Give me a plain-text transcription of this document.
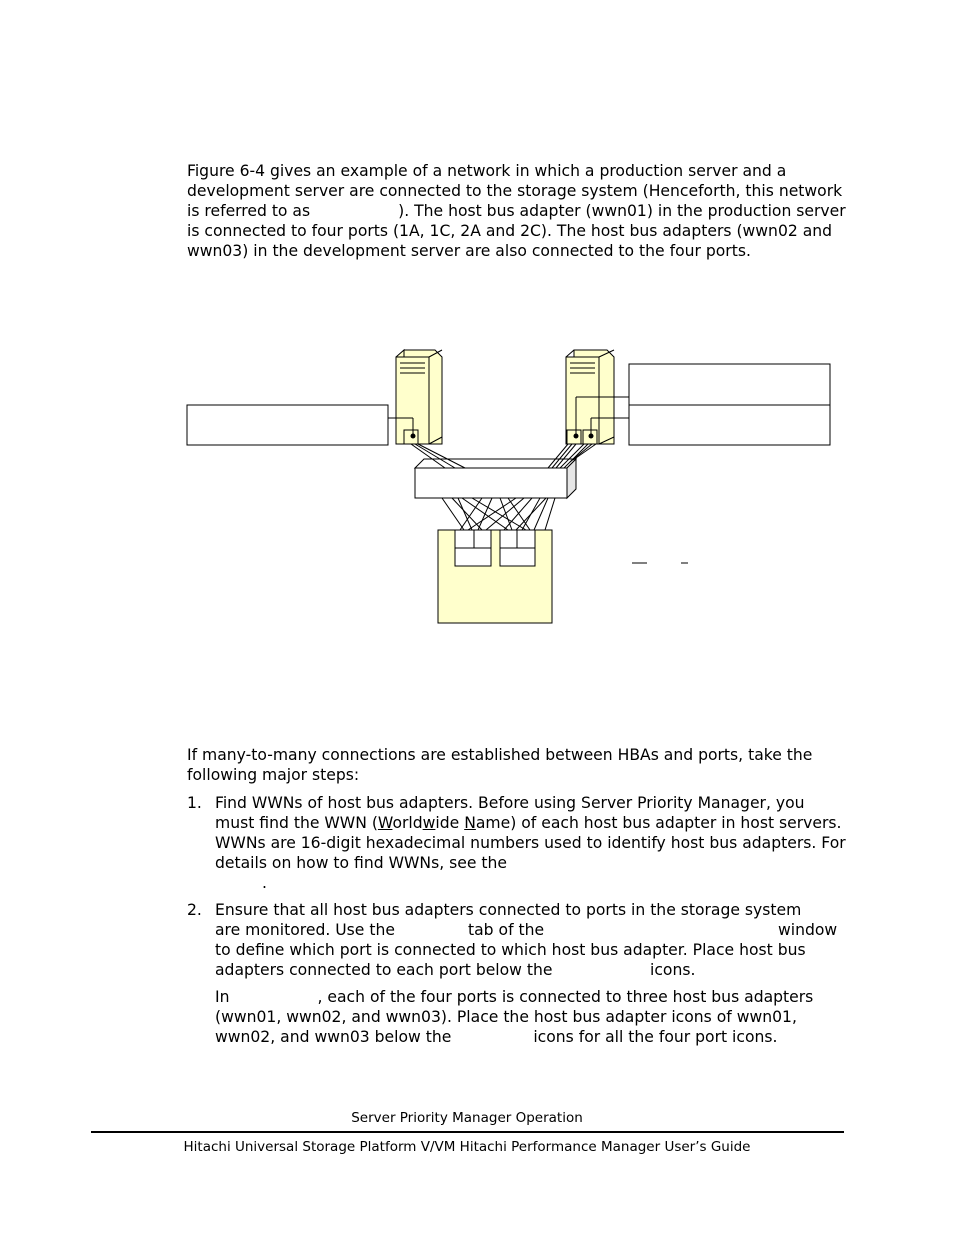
Figure 6-4 gives an example of a network in which a production server and a development server are connected to the storage system (Henceforth, this network is referred to as	). The host bus adapter (wwn01) in the production server is connected to four ports (1A, 1C, 2A and 2C). The host bus adapters (wwn02 and wwn03) in the development server are also connected to the four ports.

If many-to-many connections are established between HBAs and ports, take the following major steps:

1. Find WWNs of host bus adapters. Before using Server Priority Manager, you must find the WWN (Worldwide Name) of each host bus adapter in host servers. WWNs are 16-digit hexadecimal numbers used to identify host bus adapters. For details on how to find WWNs, see the
.

2. Ensure that all host bus adapters connected to ports in the storage system
are monitored. Use the	tab of the	window
to define which port is connected to which host bus adapter. Place host bus
adapters connected to each port below the	icons.

In	, each of the four ports is connected to three host bus adapters (wwn01, wwn02, and wwn03). Place the host bus adapter icons of wwn01, wwn02, and wwn03 below the	icons for all the four port icons.

Server Priority Manager Operation
Hitachi Universal Storage Platform V/VM Hitachi Performance Manager User’s Guide
